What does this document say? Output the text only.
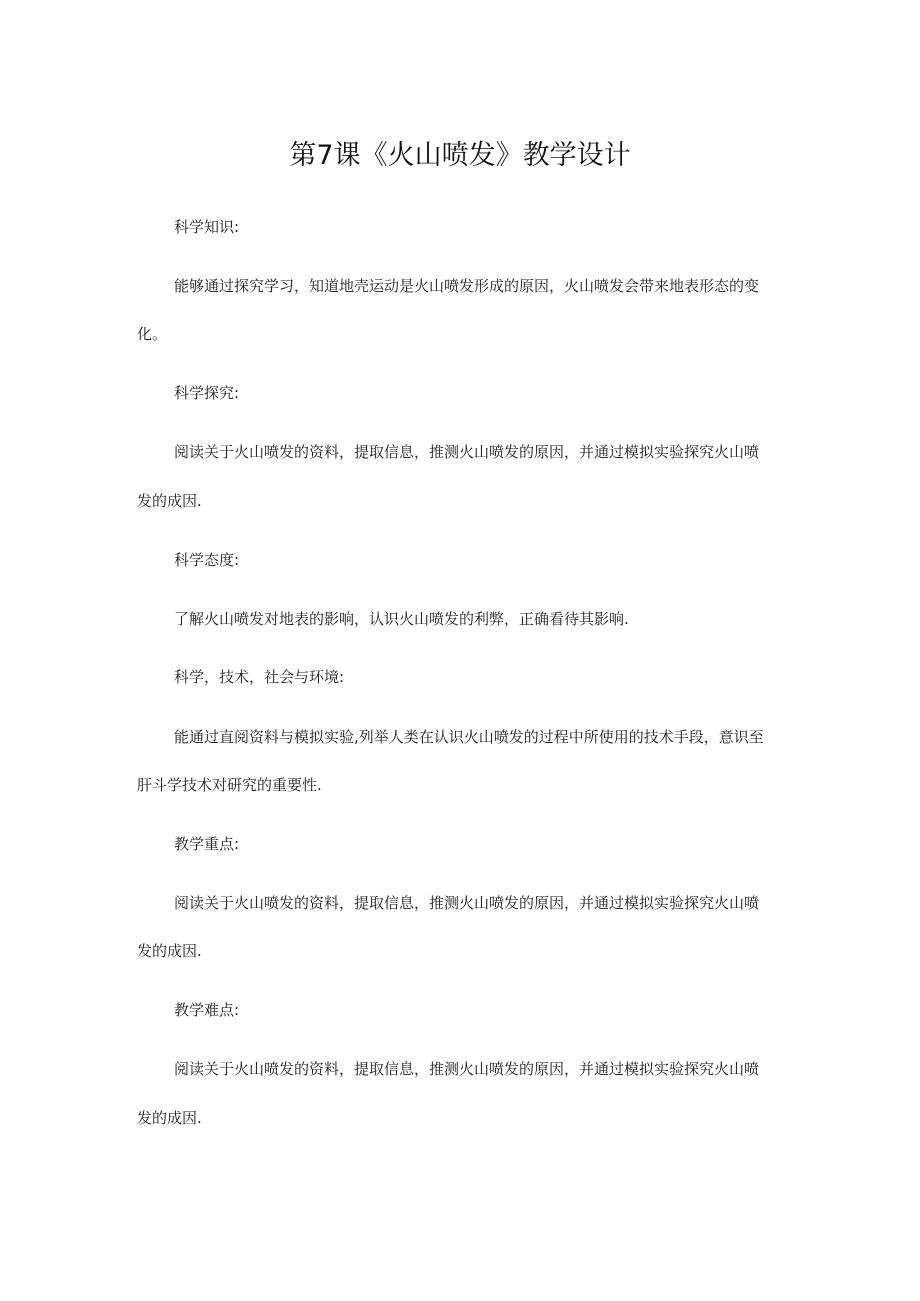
第7课《火山喷发》教学设计

科学知识:

能够通过探究学习，知道地壳运动是火山喷发形成的原因，火山喷发会带来地表形态的变

化。

科学探究:

阅读关于火山喷发的资料，提取信息，推测火山喷发的原因，并通过模拟实验探究火山喷

发的成因.

科学态度:

了解火山喷发对地表的影响，认识火山喷发的利弊，正确看待其影响.

科学，技术，社会与环境:

能通过直阅资料与模拟实验,列举人类在认识火山喷发的过程中所使用的技术手段，意识至

肝斗学技术对研究的重要性.

教学重点:

阅读关于火山喷发的资料，提取信息，推测火山喷发的原因，并通过模拟实验探究火山喷

发的成因.

教学难点:

阅读关于火山喷发的资料，提取信息，推测火山喷发的原因，并通过模拟实验探究火山喷

发的成因.
